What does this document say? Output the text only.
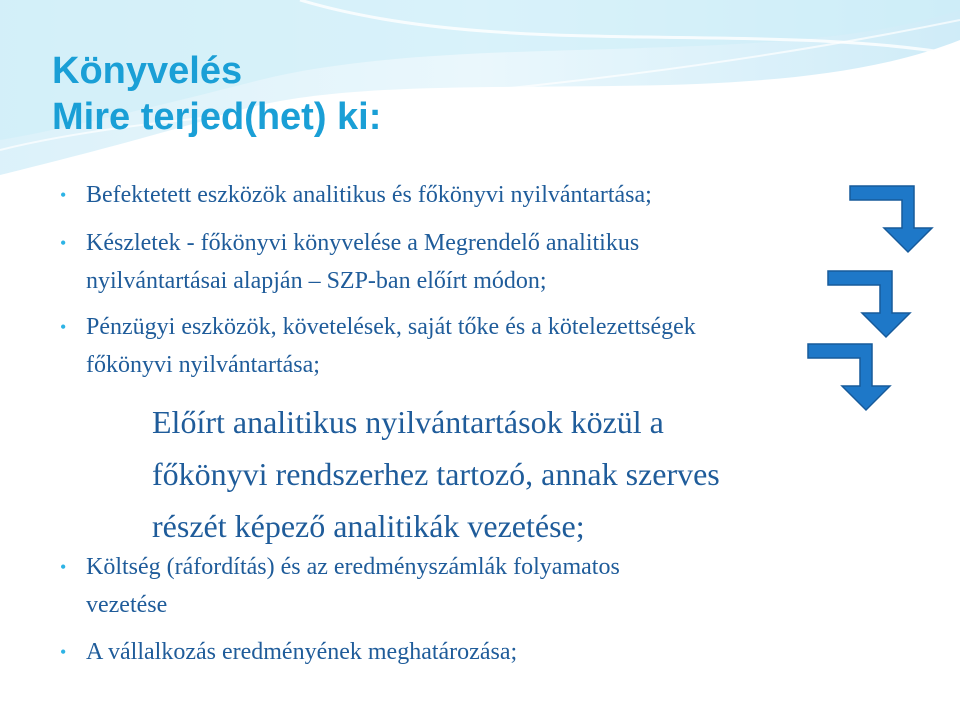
Könyvelés
Mire terjed(het) ki:
• Befektetett eszközök analitikus és főkönyvi nyilvántartása;
• Készletek - főkönyvi könyvelése a Megrendelő analitikus
nyilvántartásai alapján – SZP-ban előírt módon;
• Pénzügyi eszközök, követelések, saját tőke és a kötelezettségek
főkönyvi nyilvántartása;
Előírt analitikus nyilvántartások közül a
főkönyvi rendszerhez tartozó, annak szerves
részét képező analitikák vezetése;
• Költség (ráfordítás) és az eredményszámlák folyamatos
vezetése
• A vállalkozás eredményének meghatározása;
